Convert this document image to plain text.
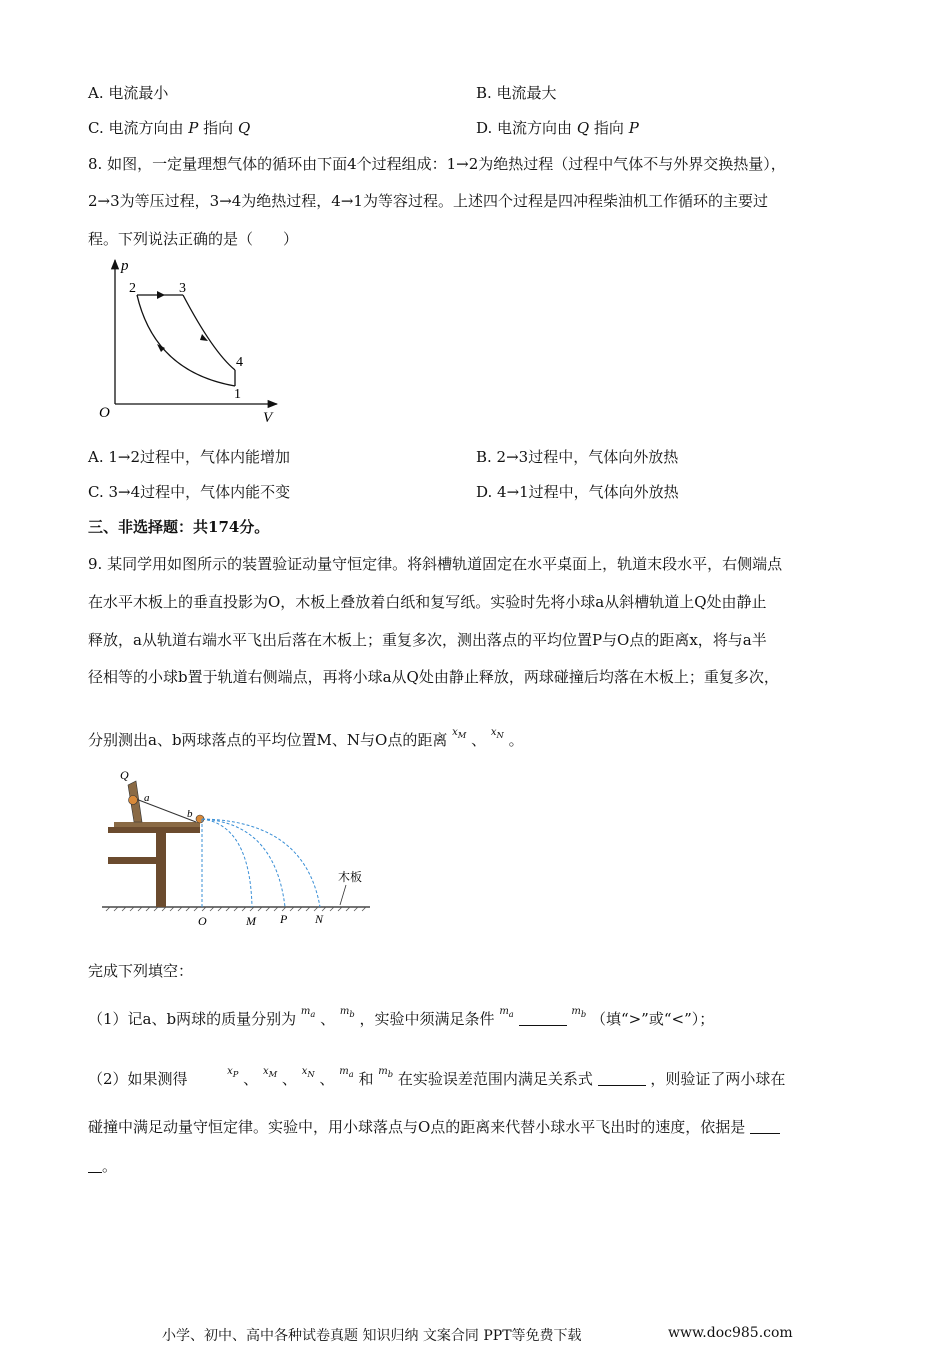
A. 电流最小	B. 电流最大
C. 电流方向由 P 指向 Q	D. 电流方向由 Q 指向 P
8. 如图，一定量理想气体的循环由下面4个过程组成：1→2为绝热过程（过程中气体不与外界交换热量），
2→3为等压过程，3→4为绝热过程，4→1为等容过程。上述四个过程是四冲程柴油机工作循环的主要过
程。下列说法正确的是（　　）
p
V
O
2	3
4
1
A. 1→2过程中，气体内能增加	B. 2→3过程中，气体向外放热
C. 3→4过程中，气体内能不变	D. 4→1过程中，气体向外放热
三、非选择题：共174分。
9. 某同学用如图所示的装置验证动量守恒定律。将斜槽轨道固定在水平桌面上，轨道末段水平，右侧端点
在水平木板上的垂直投影为O，木板上叠放着白纸和复写纸。实验时先将小球a从斜槽轨道上Q处由静止
释放，a从轨道右端水平飞出后落在木板上；重复多次，测出落点的平均位置P与O点的距离x，将与a半
径相等的小球b置于轨道右侧端点，再将小球a从Q处由静止释放，两球碰撞后均落在木板上；重复多次，
分别测出a、b两球落点的平均位置M、N与O点的距离 $^{x_M}$ 、 $^{x_N}$ 。
Q
a
b
木板
O	M P N
完成下列填空：
（1）记a、b两球的质量分别为 $^{m_a}$ 、 $^{m_b}$ ，实验中须满足条件 $^{m_a}$	$^{m_b}$ （填“>”或“<”）；
（2）如果测得	$^{x_P}$ 、 $^{x_M}$ 、 $^{x_N}$ 、 $^{m_a}$ 和 $^{m_b}$ 在实验误差范围内满足关系式	，则验证了两小球在
碰撞中满足动量守恒定律。实验中，用小球落点与O点的距离来代替小球水平飞出时的速度，依据是
。
小学、初中、高中各种试卷真题 知识归纳 文案合同 PPT等免费下载	www.doc985.com
